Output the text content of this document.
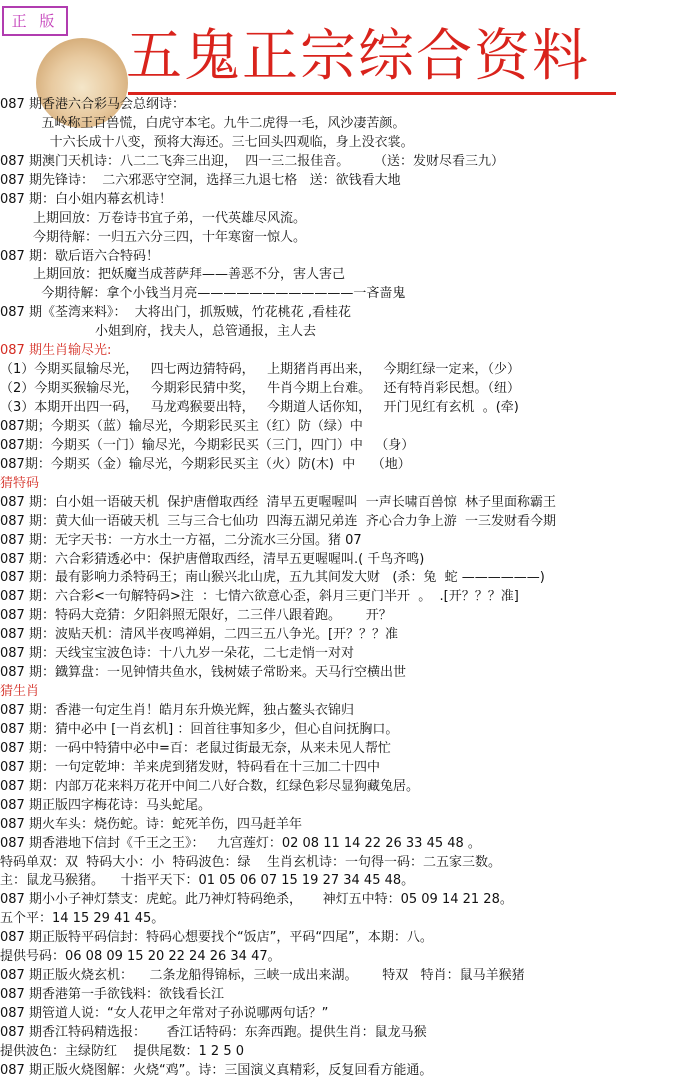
正 版
五鬼正宗综合资料
087 期香港六合彩马会总纲诗：
五岭称王百兽慌，白虎守本宅。九牛二虎得一毛，风沙凄苦颜。
十六长成十八变，预将大海还。三七回头四观临，身上没衣裳。
087 期澳门天机诗：八二二飞奔三出迎，  四一三二报佳音。      （送：发财尽看三九）
087 期先锋诗：  二六邪恶守空洞，选择三九退七格   送：欲钱看大地
087 期：白小姐内幕玄机诗！
上期回放：万卷诗书宜子弟，一代英雄尽风流。
今期待解：一归五六分三四，十年寒窗一惊人。
087 期：歇后语六合特码！
上期回放：把妖魔当成菩萨拜——善恶不分，害人害己
今期待解：拿个小钱当月亮————————————一吝啬鬼
087 期《荃湾来料》：  大将出门，抓叛贼，竹花桃花 ,看桂花
小姐到府，找夫人，总管通报，主人去
087 期生肖输尽光:
（1）今期买鼠输尽光，   四七两边猜特码，   上期猪肖再出来，   今期红绿一定来，（少）
（2）今期买猴输尽光，   今期彩民猜中奖，   牛肖今期上台难。   还有特肖彩民想。（纽）
（3）本期开出四一码，   马龙鸡猴要出特，   今期道人话你知，   开门见红有玄机  。(牵)
087期；今期买（蓝）输尽光，今期彩民买主（红）防（绿）中
087期：今期买（一门）输尽光，今期彩民买（三门，四门）中   （身）
087期：今期买（金）输尽光，今期彩民买主（火）防(木)  中    （地）
猜特码
087 期：白小姐一语破天机  保护唐僧取西经  清早五更喔喔叫  一声长啸百兽惊  林子里面称霸王
087 期：黄大仙一语破天机  三与三合七仙功  四海五湖兄弟连  齐心合力争上游  一三发财看今期
087 期：无字天书：一方水土一方福，二分流水三分国。猪 07
087 期：六合彩猜透必中：保护唐僧取西经，清早五更喔喔叫.( 千鸟齐鸣)
087 期：最有影响力杀特码王；南山猴兴北山虎，五九其间发大财   (杀：兔  蛇 ——————)
087 期：六合彩<一句解特码>注  ：七情六欲意心歪，斜月三更门半开  。  .[开？？？准]
087 期：特码大竞猜：夕阳斜照无限好，二三伴八跟着跑。      开？
087 期：波贴天机：清风半夜鸣禅娟，二四三五八争光。[开？？？准
087 期：天线宝宝波色诗：十八九岁一朵花，二七走悄一对对
087 期：鐡算盘：一见钟情共鱼水，钱树婊子常盼来。天马行空横出世
猜生肖
087 期：香港一句定生肖！皓月东升焕光辉，独占鳌头衣锦归
087 期：猜中必中 [一肖玄机] ：回首往事知多少，但心自问抚胸口。
087 期：一码中特猜中必中=百：老鼠过街最无奈，从来未见人帮忙
087 期：一句定乾坤：羊来虎到猪发财，特码看在十三加二十四中
087 期：内部万花来料万花开中间二八好合数，红绿色彩尽显狗藏兔居。
087 期正版四字梅花诗：马头蛇尾。
087 期火车头：烧伤蛇。诗：蛇死羊伤，四马赶羊年
087 期香港地下信封《千王之王》：   九宫莲灯：02 08 11 14 22 26 33 45 48 。
特码单双：双  特码大小：小  特码波色：绿    生肖玄机诗：一句得一码：二五家三数。
主：鼠龙马猴猪。    十指平天下：01 05 06 07 15 19 27 34 45 48。
087 期小小子神灯禁支：虎蛇。此乃神灯特码绝杀，     神灯五中特：05 09 14 21 28。
五个平：14 15 29 41 45。
087 期正版特平码信封：特码心想要找个“饭店”，平码“四尾”，本期：八。
提供号码：06 08 09 15 20 22 24 26 34 47。
087 期正版火烧玄机：    二条龙船得锦标，三峡一成出来湖。      特双   特肖：鼠马羊猴猪
087 期香港第一手欲钱料：欲钱看长江
087 期管道人说：“女人花甲之年常对子孙说哪两句话？”
087 期香江特码精选报：     香江话特码：东奔西跑。提供生肖：鼠龙马猴
提供波色：主绿防红    提供尾数：1 2 5 0
087 期正版火烧图解：火烧“鸡”。诗：三国演义真精彩，反复回看方能通。
